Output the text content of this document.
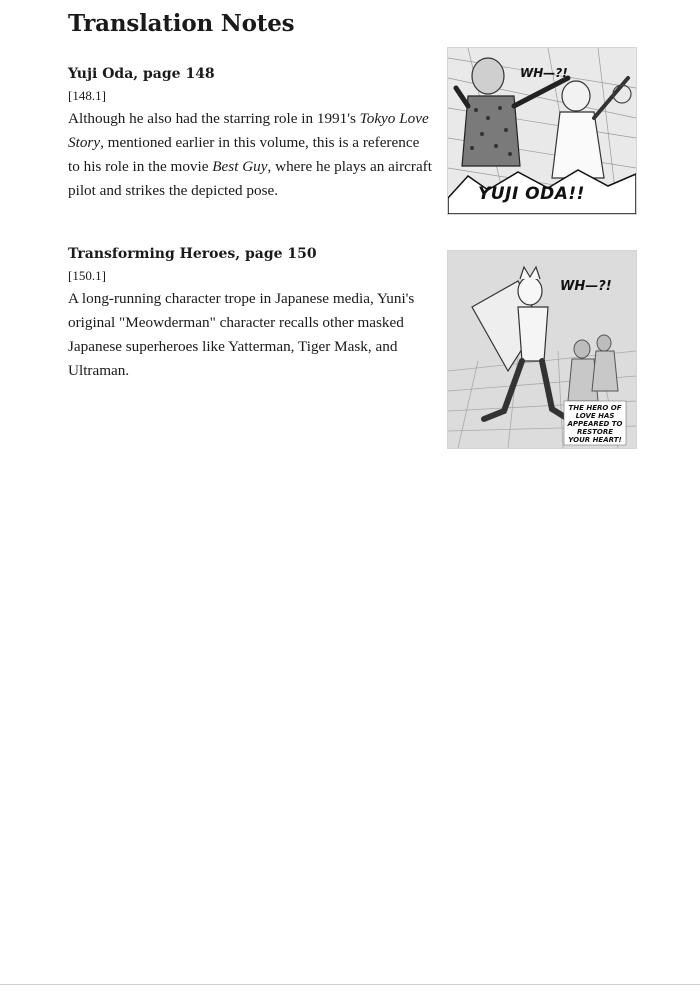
Translation Notes

Yuji Oda, page 148

[148.1]

Although he also had the starring role in 1991's Tokyo Love Story, mentioned earlier in this volume, this is a reference to his role in the movie Best Guy, where he plays an aircraft pilot and strikes the depicted pose.

WH—?!
YUJI ODA!!

Transforming Heroes, page 150

[150.1]

A long-running character trope in Japanese media, Yuni's original "Meowderman" character recalls other masked Japanese superheroes like Yatterman, Tiger Mask, and Ultraman.

WH—?!
THE HERO OF LOVE HAS APPEARED TO RESTORE YOUR HEART!
